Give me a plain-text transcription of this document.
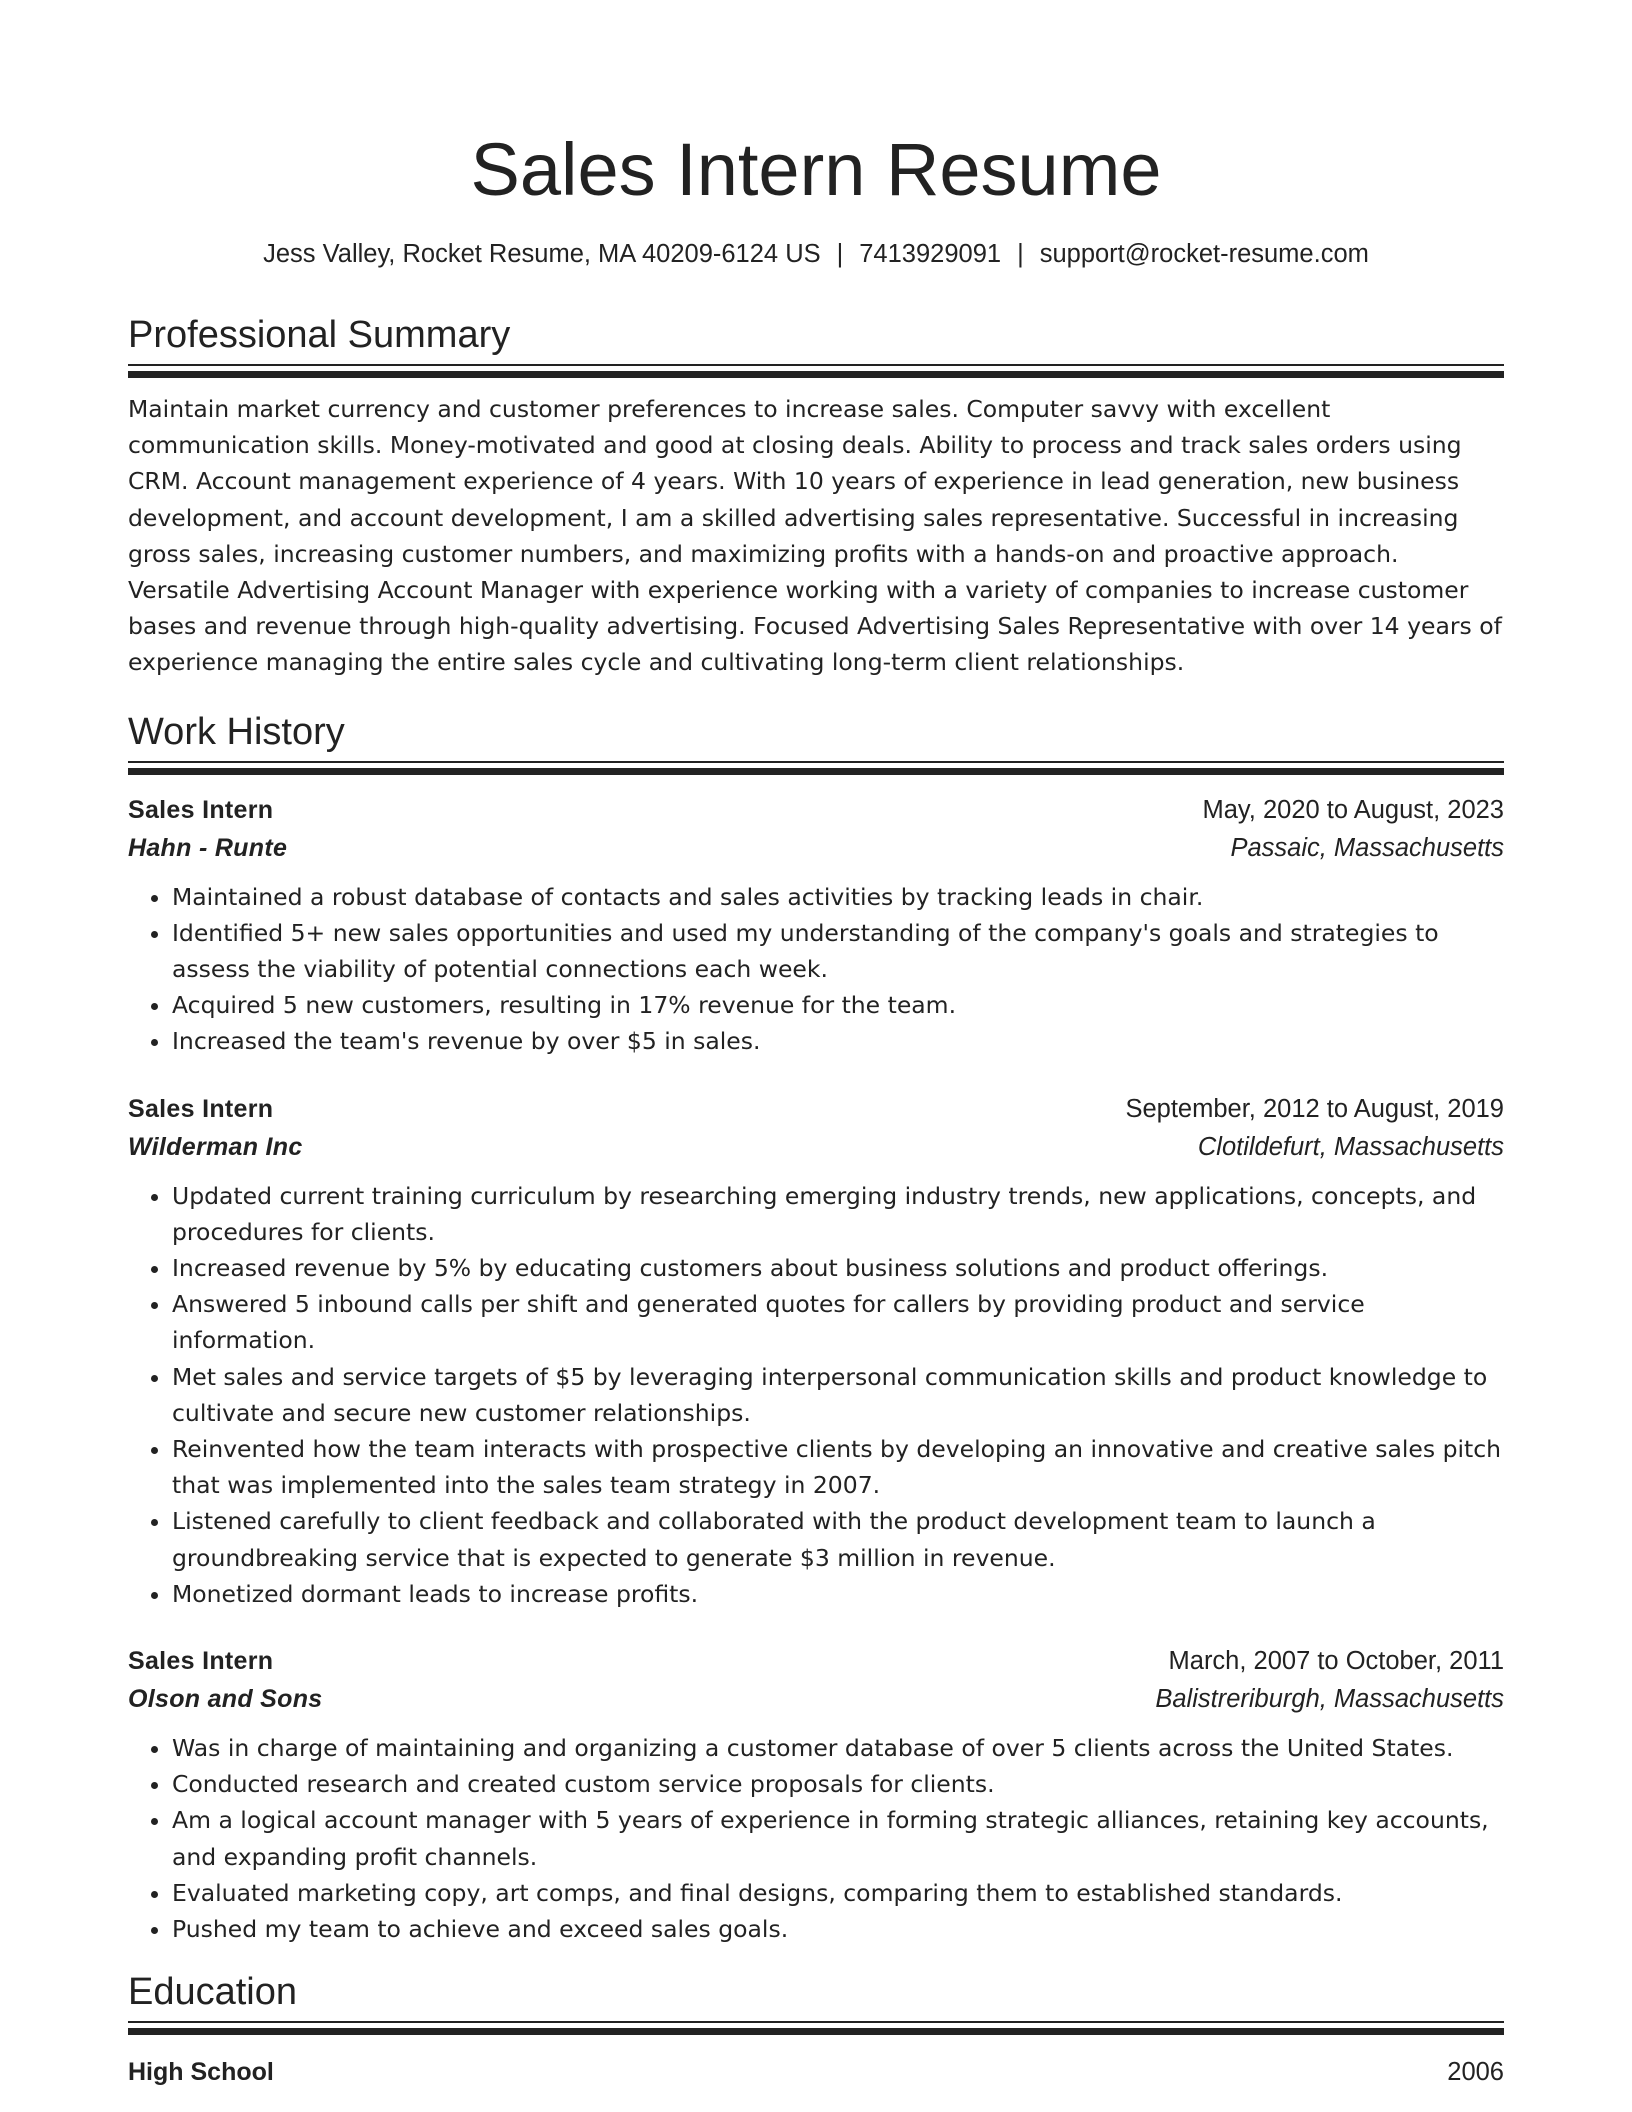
Sales Intern Resume
Jess Valley, Rocket Resume, MA 40209-6124 US | 7413929091 | support@rocket-resume.com
Professional Summary

Maintain market currency and customer preferences to increase sales. Computer savvy with excellent communication skills. Money-motivated and good at closing deals. Ability to process and track sales orders using CRM. Account management experience of 4 years. With 10 years of experience in lead generation, new business development, and account development, I am a skilled advertising sales representative. Successful in increasing gross sales, increasing customer numbers, and maximizing profits with a hands-on and proactive approach. Versatile Advertising Account Manager with experience working with a variety of companies to increase customer bases and revenue through high-quality advertising. Focused Advertising Sales Representative with over 14 years of experience managing the entire sales cycle and cultivating long-term client relationships.

Work History
Sales Intern	May, 2020 to August, 2023
Hahn - Runte	Passaic, Massachusetts
• Maintained a robust database of contacts and sales activities by tracking leads in chair.
• Identified 5+ new sales opportunities and used my understanding of the company's goals and strategies to assess the viability of potential connections each week.
• Acquired 5 new customers, resulting in 17% revenue for the team.
• Increased the team's revenue by over $5 in sales.
Sales Intern	September, 2012 to August, 2019
Wilderman Inc	Clotildefurt, Massachusetts
• Updated current training curriculum by researching emerging industry trends, new applications, concepts, and procedures for clients.
• Increased revenue by 5% by educating customers about business solutions and product offerings.
• Answered 5 inbound calls per shift and generated quotes for callers by providing product and service information.
• Met sales and service targets of $5 by leveraging interpersonal communication skills and product knowledge to cultivate and secure new customer relationships.
• Reinvented how the team interacts with prospective clients by developing an innovative and creative sales pitch that was implemented into the sales team strategy in 2007.
• Listened carefully to client feedback and collaborated with the product development team to launch a groundbreaking service that is expected to generate $3 million in revenue.
• Monetized dormant leads to increase profits.
Sales Intern	March, 2007 to October, 2011
Olson and Sons	Balistreriburgh, Massachusetts
• Was in charge of maintaining and organizing a customer database of over 5 clients across the United States.
• Conducted research and created custom service proposals for clients.
• Am a logical account manager with 5 years of experience in forming strategic alliances, retaining key accounts, and expanding profit channels.
• Evaluated marketing copy, art comps, and final designs, comparing them to established standards.
• Pushed my team to achieve and exceed sales goals.
Education
High School	2006
